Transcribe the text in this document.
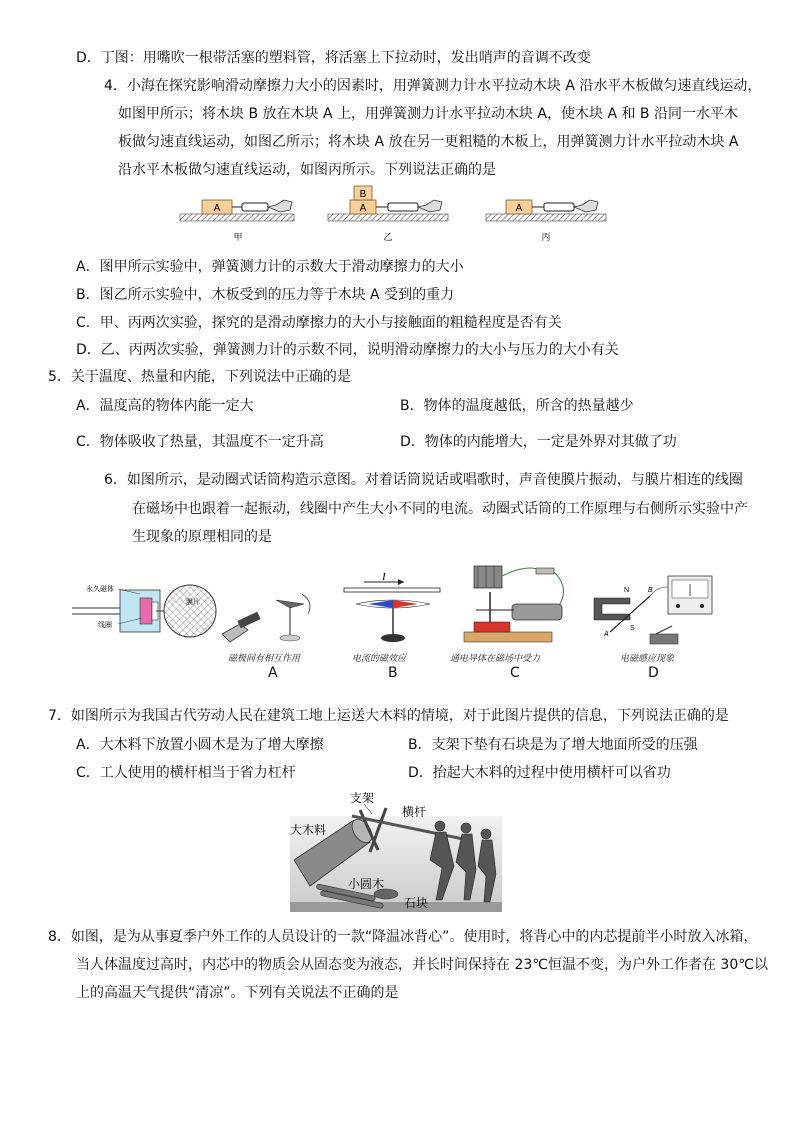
D．丁图：用嘴吹一根带活塞的塑料管，将活塞上下拉动时，发出哨声的音调不改变
4．小海在探究影响滑动摩擦力大小的因素时，用弹簧测力计水平拉动木块 A 沿水平木板做匀速直线运动，
如图甲所示；将木块 B 放在木块 A 上，用弹簧测力计水平拉动木块 A，使木块 A 和 B 沿同一水平木
板做匀速直线运动，如图乙所示；将木块 A 放在另一更粗糙的木板上，用弹簧测力计水平拉动木块 A
沿水平木板做匀速直线运动，如图丙所示。下列说法正确的是
A	A
B
A
甲	乙	丙
A．图甲所示实验中，弹簧测力计的示数大于滑动摩擦力的大小
B．图乙所示实验中，木板受到的压力等于木块 A 受到的重力
C．甲、丙两次实验，探究的是滑动摩擦力的大小与接触面的粗糙程度是否有关
D．乙、丙两次实验，弹簧测力计的示数不同，说明滑动摩擦力的大小与压力的大小有关
5．关于温度、热量和内能，下列说法中正确的是
A．温度高的物体内能一定大	B．物体的温度越低，所含的热量越少
C．物体吸收了热量，其温度不一定升高	D．物体的内能增大，一定是外界对其做了功
6．如图所示，是动圈式话筒构造示意图。对着话筒说话或唱歌时，声音使膜片振动，与膜片相连的线圈
在磁场中也跟着一起振动，线圈中产生大小不同的电流。动圈式话筒的工作原理与右侧所示实验中产
生现象的原理相同的是
永久磁体
线圈
膜片
I
N
S
A
B
磁极间有相互作用	电流的磁效应	通电导体在磁场中受力	电磁感应现象
A	B	C	D
7．如图所示为我国古代劳动人民在建筑工地上运送大木料的情境，对于此图片提供的信息，下列说法正确的是
A．大木料下放置小圆木是为了增大摩擦	B．支架下垫有石块是为了增大地面所受的压强
C．工人使用的横杆相当于省力杠杆	D．抬起大木料的过程中使用横杆可以省功
支架
横杆
大木料
小圆木
石块
8．如图，是为从事夏季户外工作的人员设计的一款“降温冰背心”。使用时，将背心中的内芯提前半小时放入冰箱，
当人体温度过高时，内芯中的物质会从固态变为液态，并长时间保持在 23℃恒温不变，为户外工作者在 30℃以
上的高温天气提供“清凉”。下列有关说法不正确的是
